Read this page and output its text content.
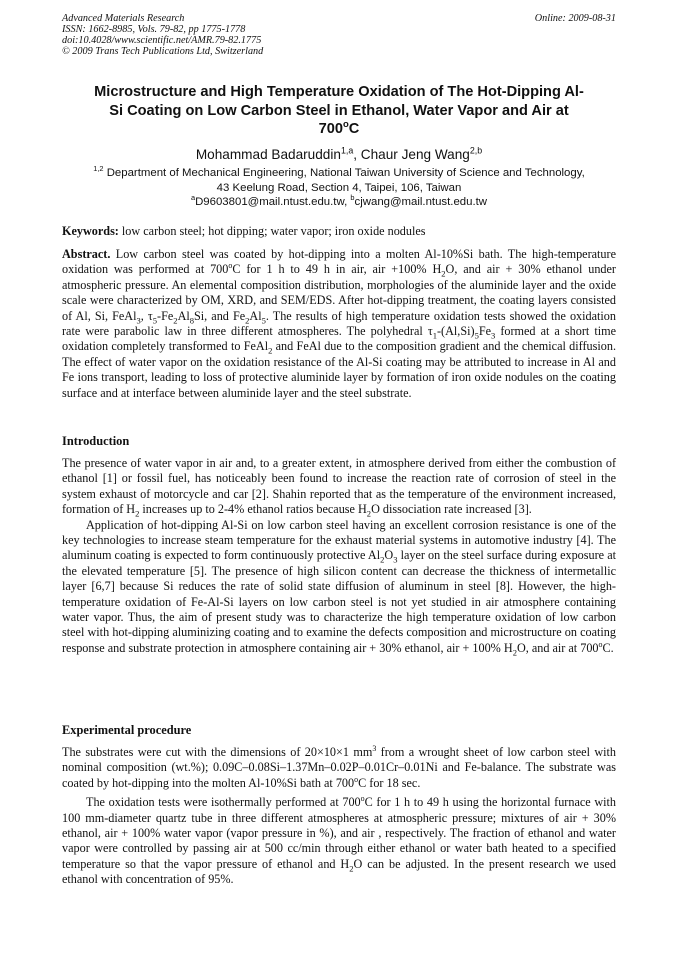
Advanced Materials Research
ISSN: 1662-8985, Vols. 79-82, pp 1775-1778
doi:10.4028/www.scientific.net/AMR.79-82.1775
© 2009 Trans Tech Publications Ltd, Switzerland
Online: 2009-08-31
Microstructure and High Temperature Oxidation of The Hot-Dipping Al-
Si Coating on Low Carbon Steel in Ethanol, Water Vapor and Air at
700$^o$C
Mohammad Badaruddin$^{1,a}$, Chaur Jeng Wang$^{2,b}$
$^{1,2}$ Department of Mechanical Engineering, National Taiwan University of Science and Technology,
43 Keelung Road, Section 4, Taipei, 106, Taiwan
$^a$D9603801@mail.ntust.edu.tw, $^b$cjwang@mail.ntust.edu.tw

Keywords: low carbon steel; hot dipping; water vapor; iron oxide nodules

Abstract. Low carbon steel was coated by hot-dipping into a molten Al-10%Si bath. The high-temperature oxidation was performed at 700$^o$C for 1 h to 49 h in air, air +100% $H_2O$, and air + 30% ethanol under atmospheric pressure. An elemental composition distribution, morphologies of the aluminide layer and the oxide scale were characterized by OM, XRD, and SEM/EDS. After hot-dipping treatment, the coating layers consisted of Al, Si, FeAl$_3$, $\tau_5-Fe_2Al_8Si$, and $Fe_2Al_5$. The results of high temperature oxidation tests showed the oxidation rate were parabolic law in three different atmospheres. The polyhedral $\tau_1-(Al,Si)_5Fe_3$ formed at a short time oxidation completely transformed to FeAl$_2$ and FeAl due to the composition gradient and the chemical diffusion. The effect of water vapor on the oxidation resistance of the Al-Si coating may be attributed to increase in Al and Fe ions transport, leading to loss of protective aluminide layer by formation of iron oxide nodules on the coating surface and at interface between aluminide layer and the steel substrate.

Introduction

The presence of water vapor in air and, to a greater extent, in atmosphere derived from either the combustion of ethanol [1] or fossil fuel, has noticeably been found to increase the reaction rate of corrosion of steel in the system exhaust of motorcycle and car [2]. Shahin reported that as the temperature of the environment increased, formation of $H_2$ increases up to 2-4% ethanol ratios because $H_2O$ dissociation rate increased [3].

Application of hot-dipping Al-Si on low carbon steel having an excellent corrosion resistance is one of the key technologies to increase steam temperature for the exhaust material systems in automotive industry [4]. The aluminum coating is expected to form continuously protective $Al_2O_3$ layer on the steel surface during exposure at the elevated temperature [5]. The presence of high silicon content can decrease the thickness of intermetallic layer [6,7] because Si reduces the rate of solid state diffusion of aluminum in steel [8]. However, the high-temperature oxidation of Fe-Al-Si layers on low carbon steel is not yet studied in air atmosphere containing water vapor. Thus, the aim of present study was to characterize the high temperature oxidation of low carbon steel with hot-dipping aluminizing coating and to examine the defects composition and microstructure on coating response and substrate protection in atmosphere containing air + 30% ethanol, air + 100% $H_2O$, and air at 700$^o$C.

Experimental procedure

The substrates were cut with the dimensions of 20×10×1 $mm^3$ from a wrought sheet of low carbon steel with nominal composition (wt.%); 0.09C–0.08Si–1.37Mn–0.02P–0.01Cr–0.01Ni and Fe-balance. The substrate was coated by hot-dipping into the molten Al-10%Si bath at 700$^o$C for 18 sec.

The oxidation tests were isothermally performed at 700$^o$C for 1 h to 49 h using the horizontal furnace with 100 mm-diameter quartz tube in three different atmospheres at atmospheric pressure; mixtures of air + 30% ethanol, air + 100% water vapor (vapor pressure in %), and air , respectively. The fraction of ethanol and water vapor were controlled by passing air at 500 cc/min through either ethanol or water bath heated to a specified temperature so that the vapor pressure of ethanol and $H_2O$ can be adjusted. In the present research we used ethanol with concentration of 95%.
